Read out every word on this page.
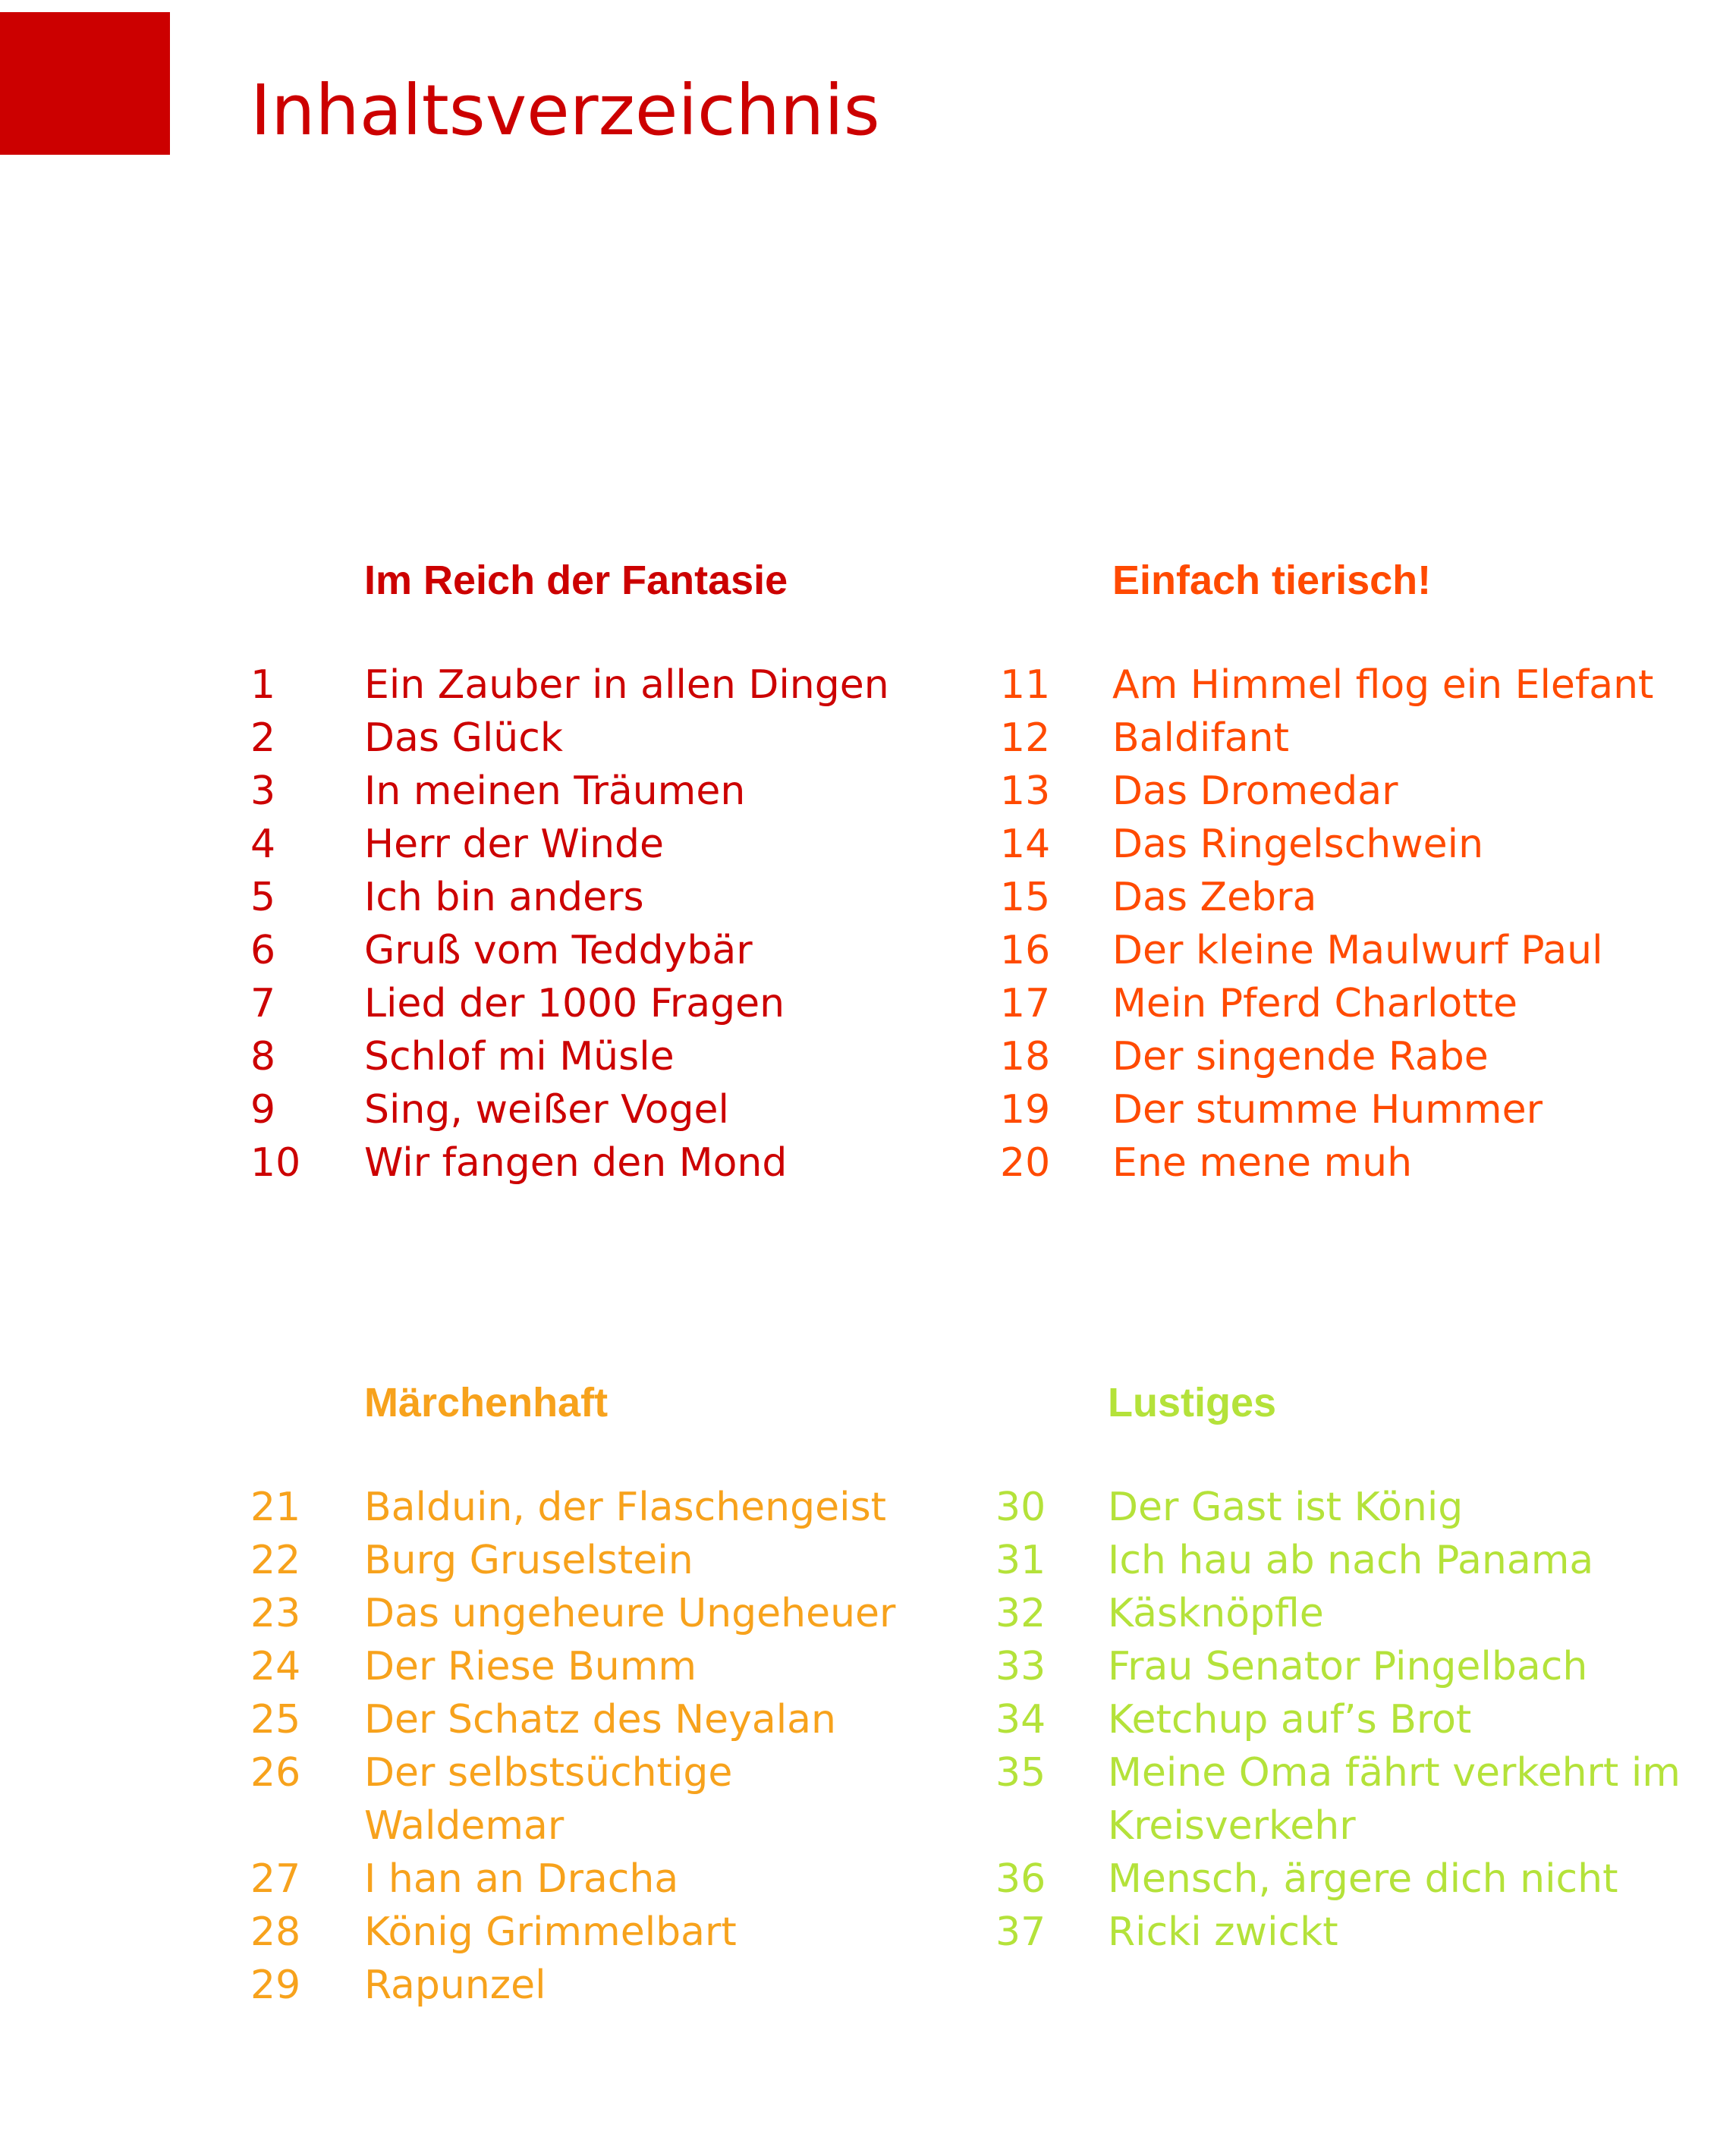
Inhaltsverzeichnis
Im Reich der Fantasie
1 Ein Zauber in allen Dingen
2 Das Glück
3 In meinen Träumen
4 Herr der Winde
5 Ich bin anders
6 Gruß vom Teddybär
7 Lied der 1000 Fragen
8 Schlof mi Müsle
9 Sing, weißer Vogel
10 Wir fangen den Mond
Einfach tierisch!
11 Am Himmel flog ein Elefant
12 Baldifant
13 Das Dromedar
14 Das Ringelschwein
15 Das Zebra
16 Der kleine Maulwurf Paul
17 Mein Pferd Charlotte
18 Der singende Rabe
19 Der stumme Hummer
20 Ene mene muh
Märchenhaft
21 Balduin, der Flaschengeist
22 Burg Gruselstein
23 Das ungeheure Ungeheuer
24 Der Riese Bumm
25 Der Schatz des Neyalan
26 Der selbstsüchtige Waldemar
27 I han an Dracha
28 König Grimmelbart
29 Rapunzel
Lustiges
30 Der Gast ist König
31 Ich hau ab nach Panama
32 Käsknöpfle
33 Frau Senator Pingelbach
34 Ketchup auf’s Brot
35 Meine Oma fährt verkehrt im Kreisverkehr
36 Mensch, ärgere dich nicht
37 Ricki zwickt
